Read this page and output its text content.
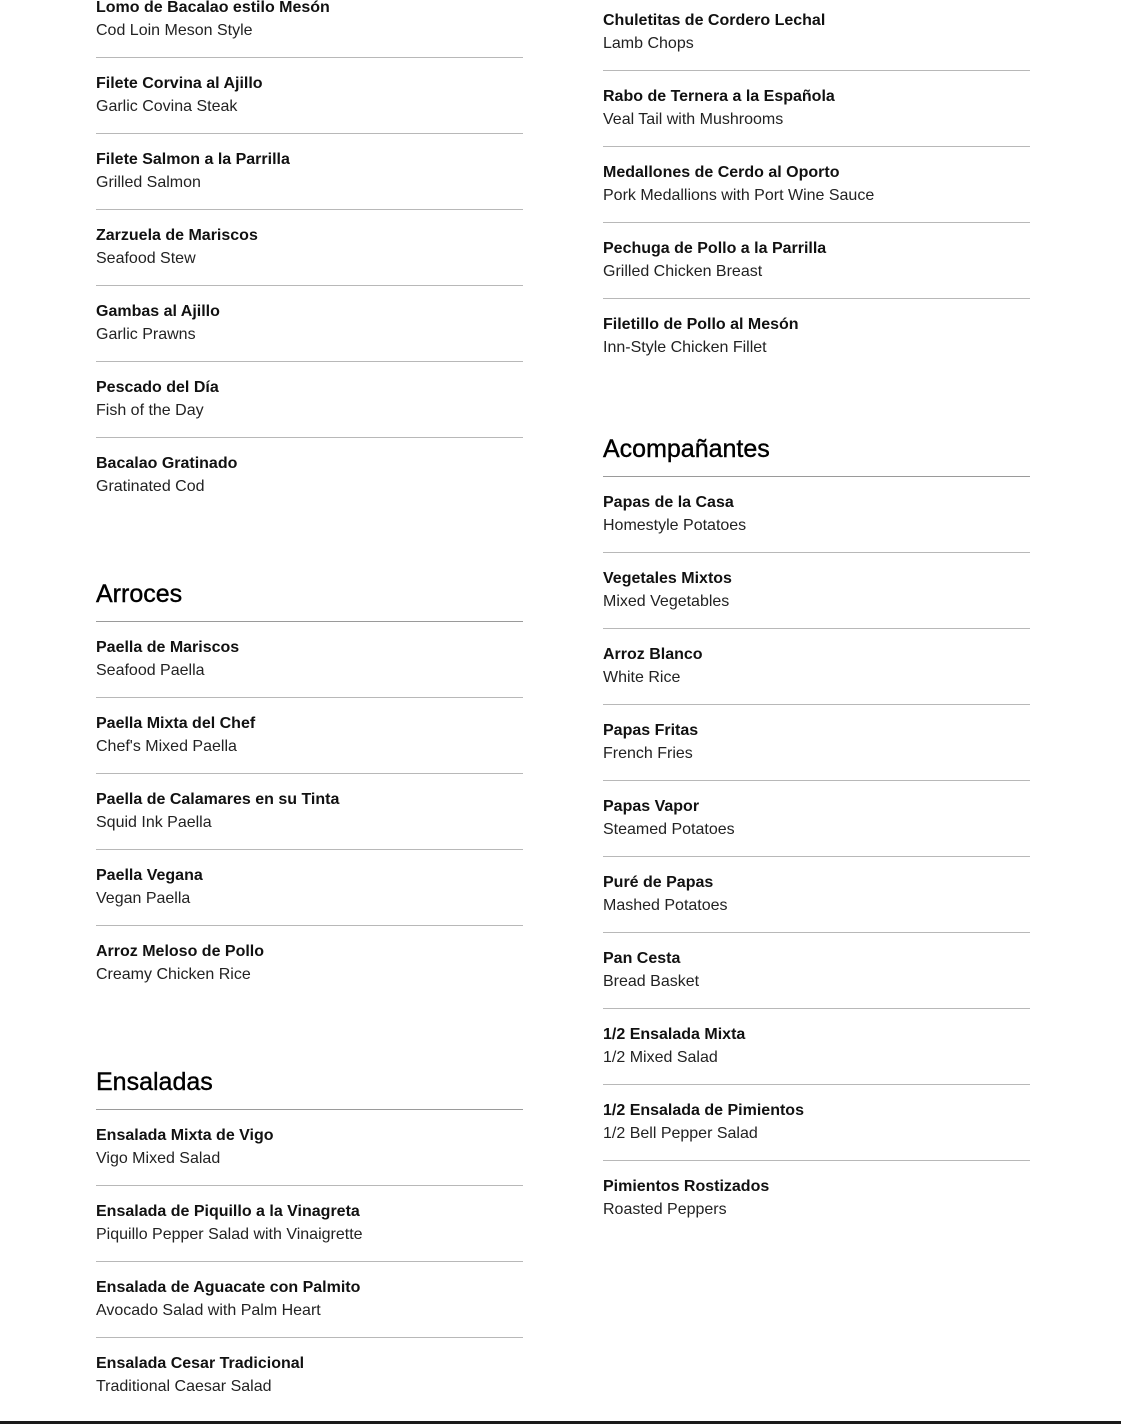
Lomo de Bacalao estilo Mesón
Cod Loin Meson Style
Filete Corvina al Ajillo
Garlic Covina Steak
Filete Salmon a la Parrilla
Grilled Salmon
Zarzuela de Mariscos
Seafood Stew
Gambas al Ajillo
Garlic Prawns
Pescado del Día
Fish of the Day
Bacalao Gratinado
Gratinated Cod
Arroces
Paella de Mariscos
Seafood Paella
Paella Mixta del Chef
Chef's Mixed Paella
Paella de Calamares en su Tinta
Squid Ink Paella
Paella Vegana
Vegan Paella
Arroz Meloso de Pollo
Creamy Chicken Rice
Ensaladas
Ensalada Mixta de Vigo
Vigo Mixed Salad
Ensalada de Piquillo a la Vinagreta
Piquillo Pepper Salad with Vinaigrette
Ensalada de Aguacate con Palmito
Avocado Salad with Palm Heart
Ensalada Cesar Tradicional
Traditional Caesar Salad
Chuletitas de Cordero Lechal
Lamb Chops
Rabo de Ternera a la Española
Veal Tail with Mushrooms
Medallones de Cerdo al Oporto
Pork Medallions with Port Wine Sauce
Pechuga de Pollo a la Parrilla
Grilled Chicken Breast
Filetillo de Pollo al Mesón
Inn-Style Chicken Fillet
Acompañantes
Papas de la Casa
Homestyle Potatoes
Vegetales Mixtos
Mixed Vegetables
Arroz Blanco
White Rice
Papas Fritas
French Fries
Papas Vapor
Steamed Potatoes
Puré de Papas
Mashed Potatoes
Pan Cesta
Bread Basket
1/2 Ensalada Mixta
1/2 Mixed Salad
1/2 Ensalada de Pimientos
1/2 Bell Pepper Salad
Pimientos Rostizados
Roasted Peppers
